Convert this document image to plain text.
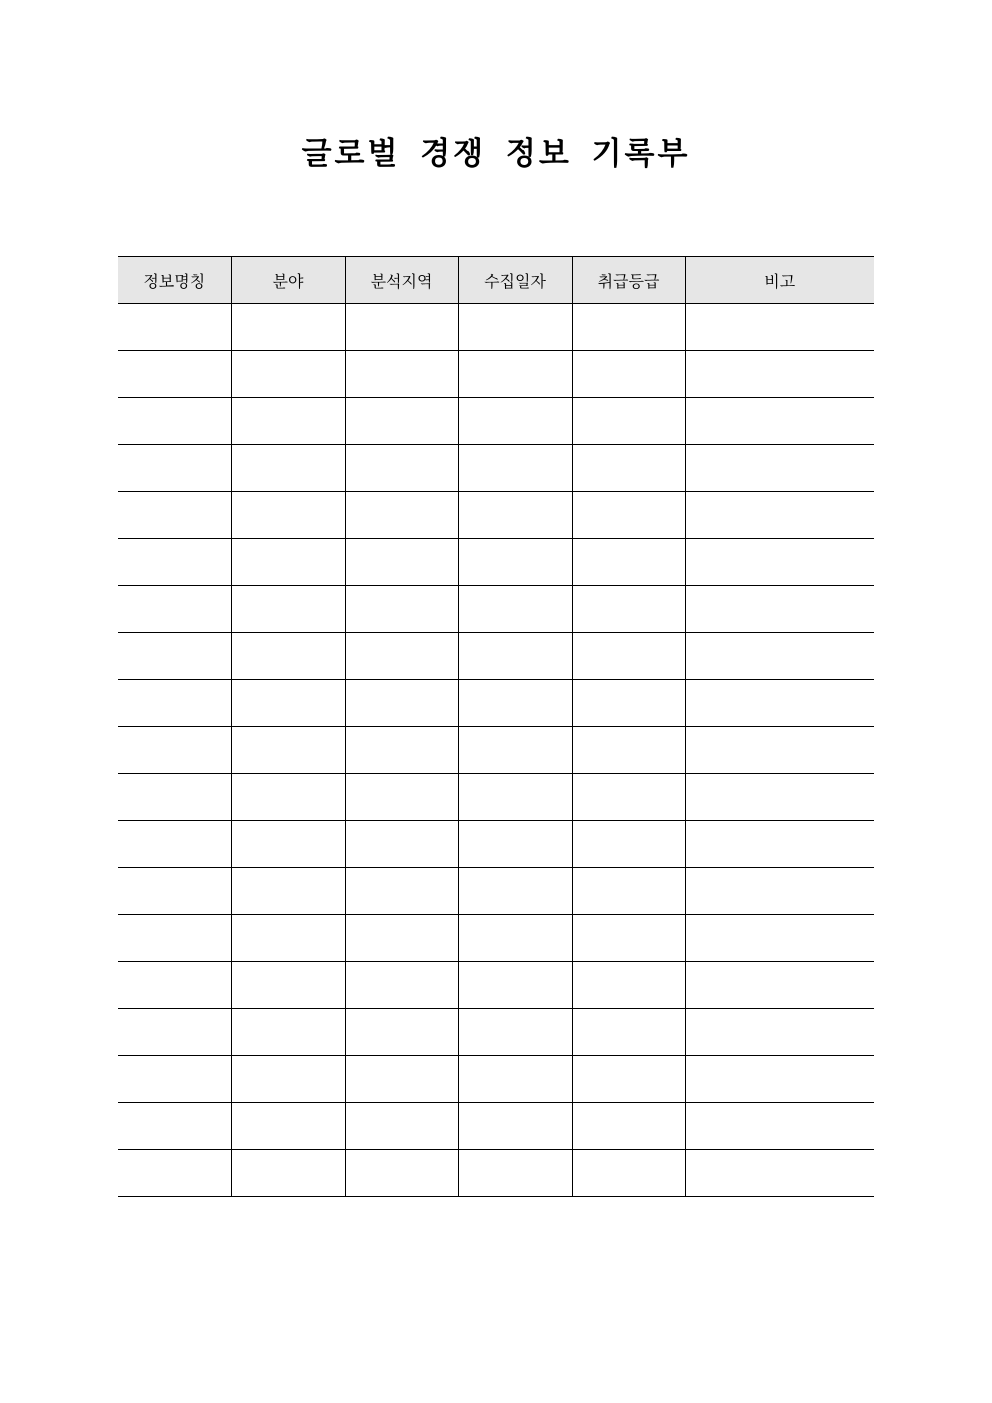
글로벌 경쟁 정보 기록부
정보명칭	분야	분석지역	수집일자	취급등급	비고
